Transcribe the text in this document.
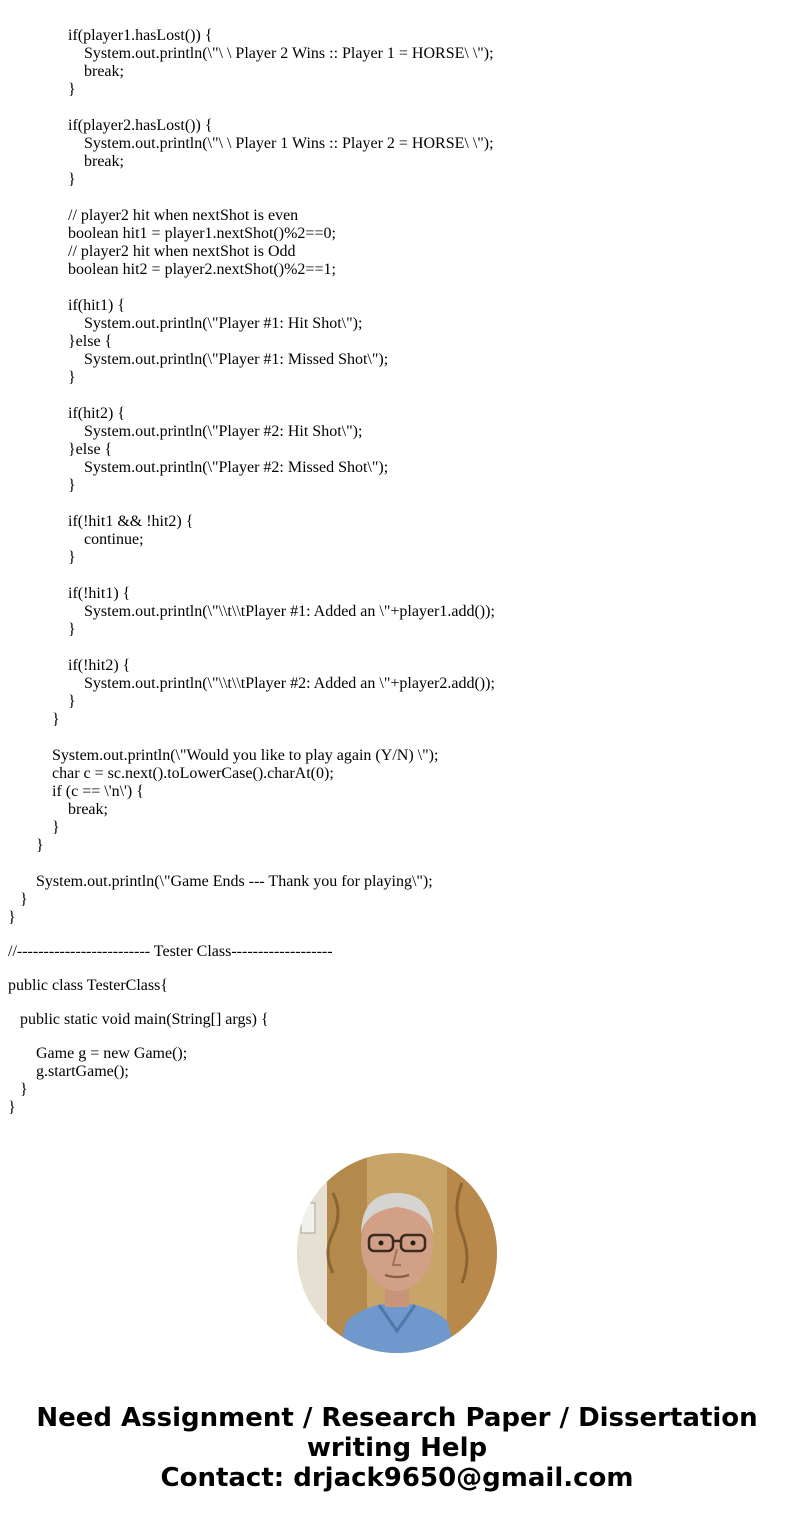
if(player1.hasLost()) {
System.out.println(\"\ \ Player 2 Wins :: Player 1 = HORSE\ \");
break;
}
if(player2.hasLost()) {
System.out.println(\"\ \ Player 1 Wins :: Player 2 = HORSE\ \");
break;
}
// player2 hit when nextShot is even
boolean hit1 = player1.nextShot()%2==0;
// player2 hit when nextShot is Odd
boolean hit2 = player2.nextShot()%2==1;
if(hit1) {
System.out.println(\"Player #1: Hit Shot\");
}else {
System.out.println(\"Player #1: Missed Shot\");
}
if(hit2) {
System.out.println(\"Player #2: Hit Shot\");
}else {
System.out.println(\"Player #2: Missed Shot\");
}
if(!hit1 && !hit2) {
continue;
}
if(!hit1) {
System.out.println(\"\\t\\tPlayer #1: Added an \"+player1.add());
}
if(!hit2) {
System.out.println(\"\\t\\tPlayer #2: Added an \"+player2.add());
}
}
System.out.println(\"Would you like to play again (Y/N) \");
char c = sc.next().toLowerCase().charAt(0);
if (c == \'n\') {
break;
}
}
System.out.println(\"Game Ends --- Thank you for playing\");
}
}
//------------------------- Tester Class-------------------
public class TesterClass{
public static void main(String[] args) {
Game g = new Game();
g.startGame();
}
}
Need Assignment / Research Paper / Dissertation
writing Help
Contact: drjack9650@gmail.com
